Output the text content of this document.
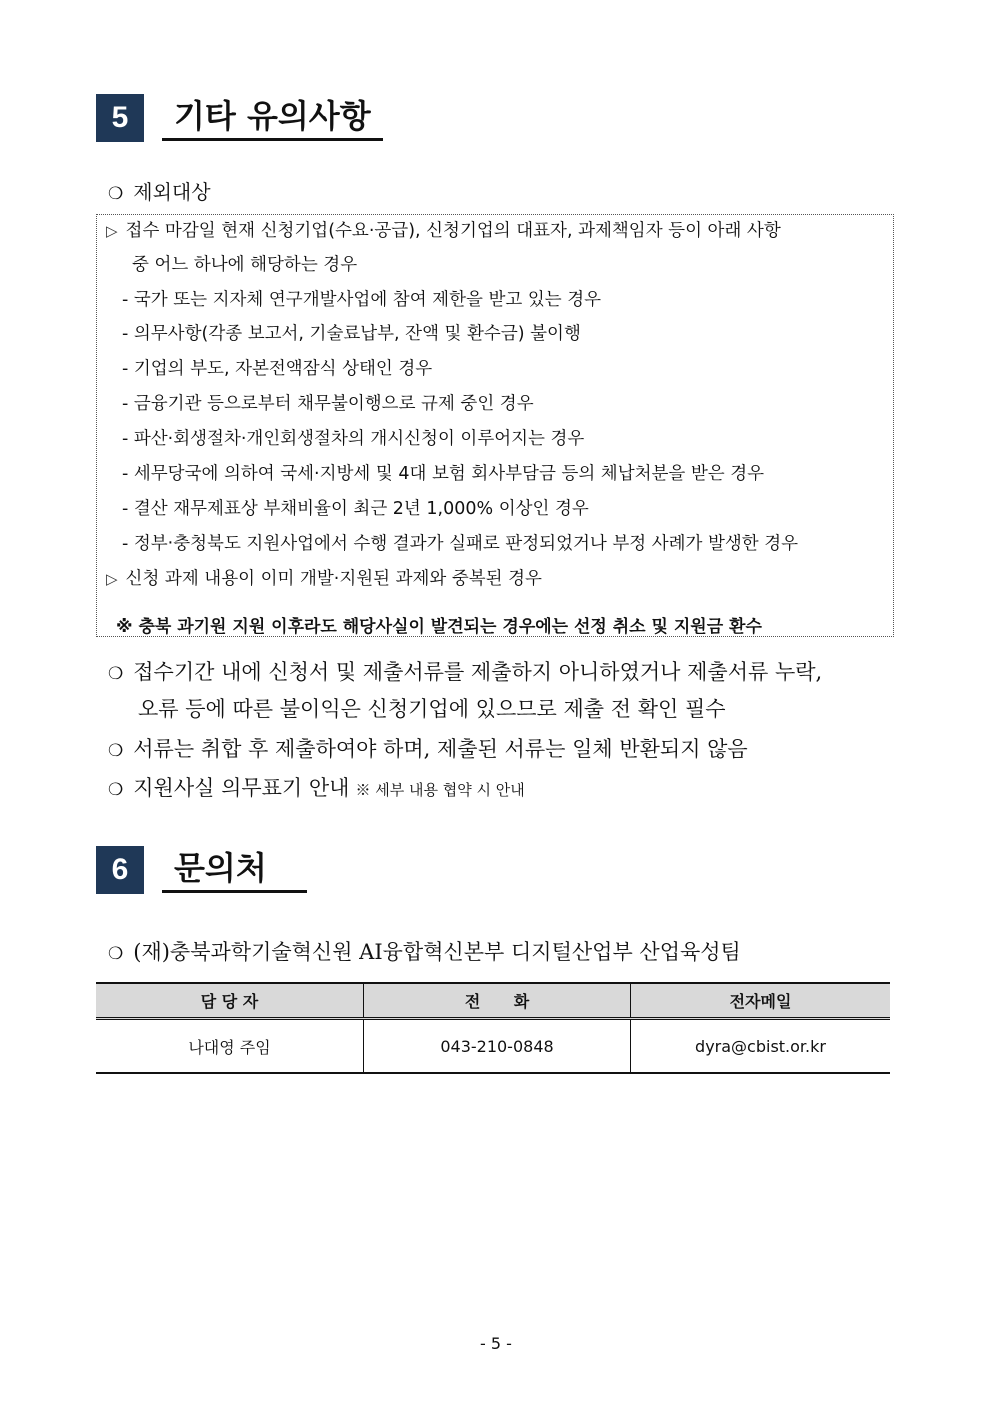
5	기타 유의사항
❍ 제외대상
▷ 접수 마감일 현재 신청기업(수요·공급), 신청기업의 대표자, 과제책임자 등이 아래 사항
중 어느 하나에 해당하는 경우
- 국가 또는 지자체 연구개발사업에 참여 제한을 받고 있는 경우
- 의무사항(각종 보고서, 기술료납부, 잔액 및 환수금) 불이행
- 기업의 부도, 자본전액잠식 상태인 경우
- 금융기관 등으로부터 채무불이행으로 규제 중인 경우
- 파산·회생절차·개인회생절차의 개시신청이 이루어지는 경우
- 세무당국에 의하여 국세·지방세 및 4대 보험 회사부담금 등의 체납처분을 받은 경우
- 결산 재무제표상 부채비율이 최근 2년 1,000% 이상인 경우
- 정부‧충청북도 지원사업에서 수행 결과가 실패로 판정되었거나 부정 사례가 발생한 경우
▷ 신청 과제 내용이 이미 개발·지원된 과제와 중복된 경우
※ 충북 과기원 지원 이후라도 해당사실이 발견되는 경우에는 선정 취소 및 지원금 환수
❍ 접수기간 내에 신청서 및 제출서류를 제출하지 아니하였거나 제출서류 누락,
오류 등에 따른 불이익은 신청기업에 있으므로 제출 전 확인 필수
❍ 서류는 취합 후 제출하여야 하며, 제출된 서류는 일체 반환되지 않음
❍ 지원사실 의무표기 안내 ※ 세부 내용 협약 시 안내
6	문의처
❍ (재)충북과학기술혁신원 AI융합혁신본부 디지털산업부 산업육성팀
담 당 자	전      화	전자메일
나대영 주임	043-210-0848	dyra@cbist.or.kr
- 5 -
